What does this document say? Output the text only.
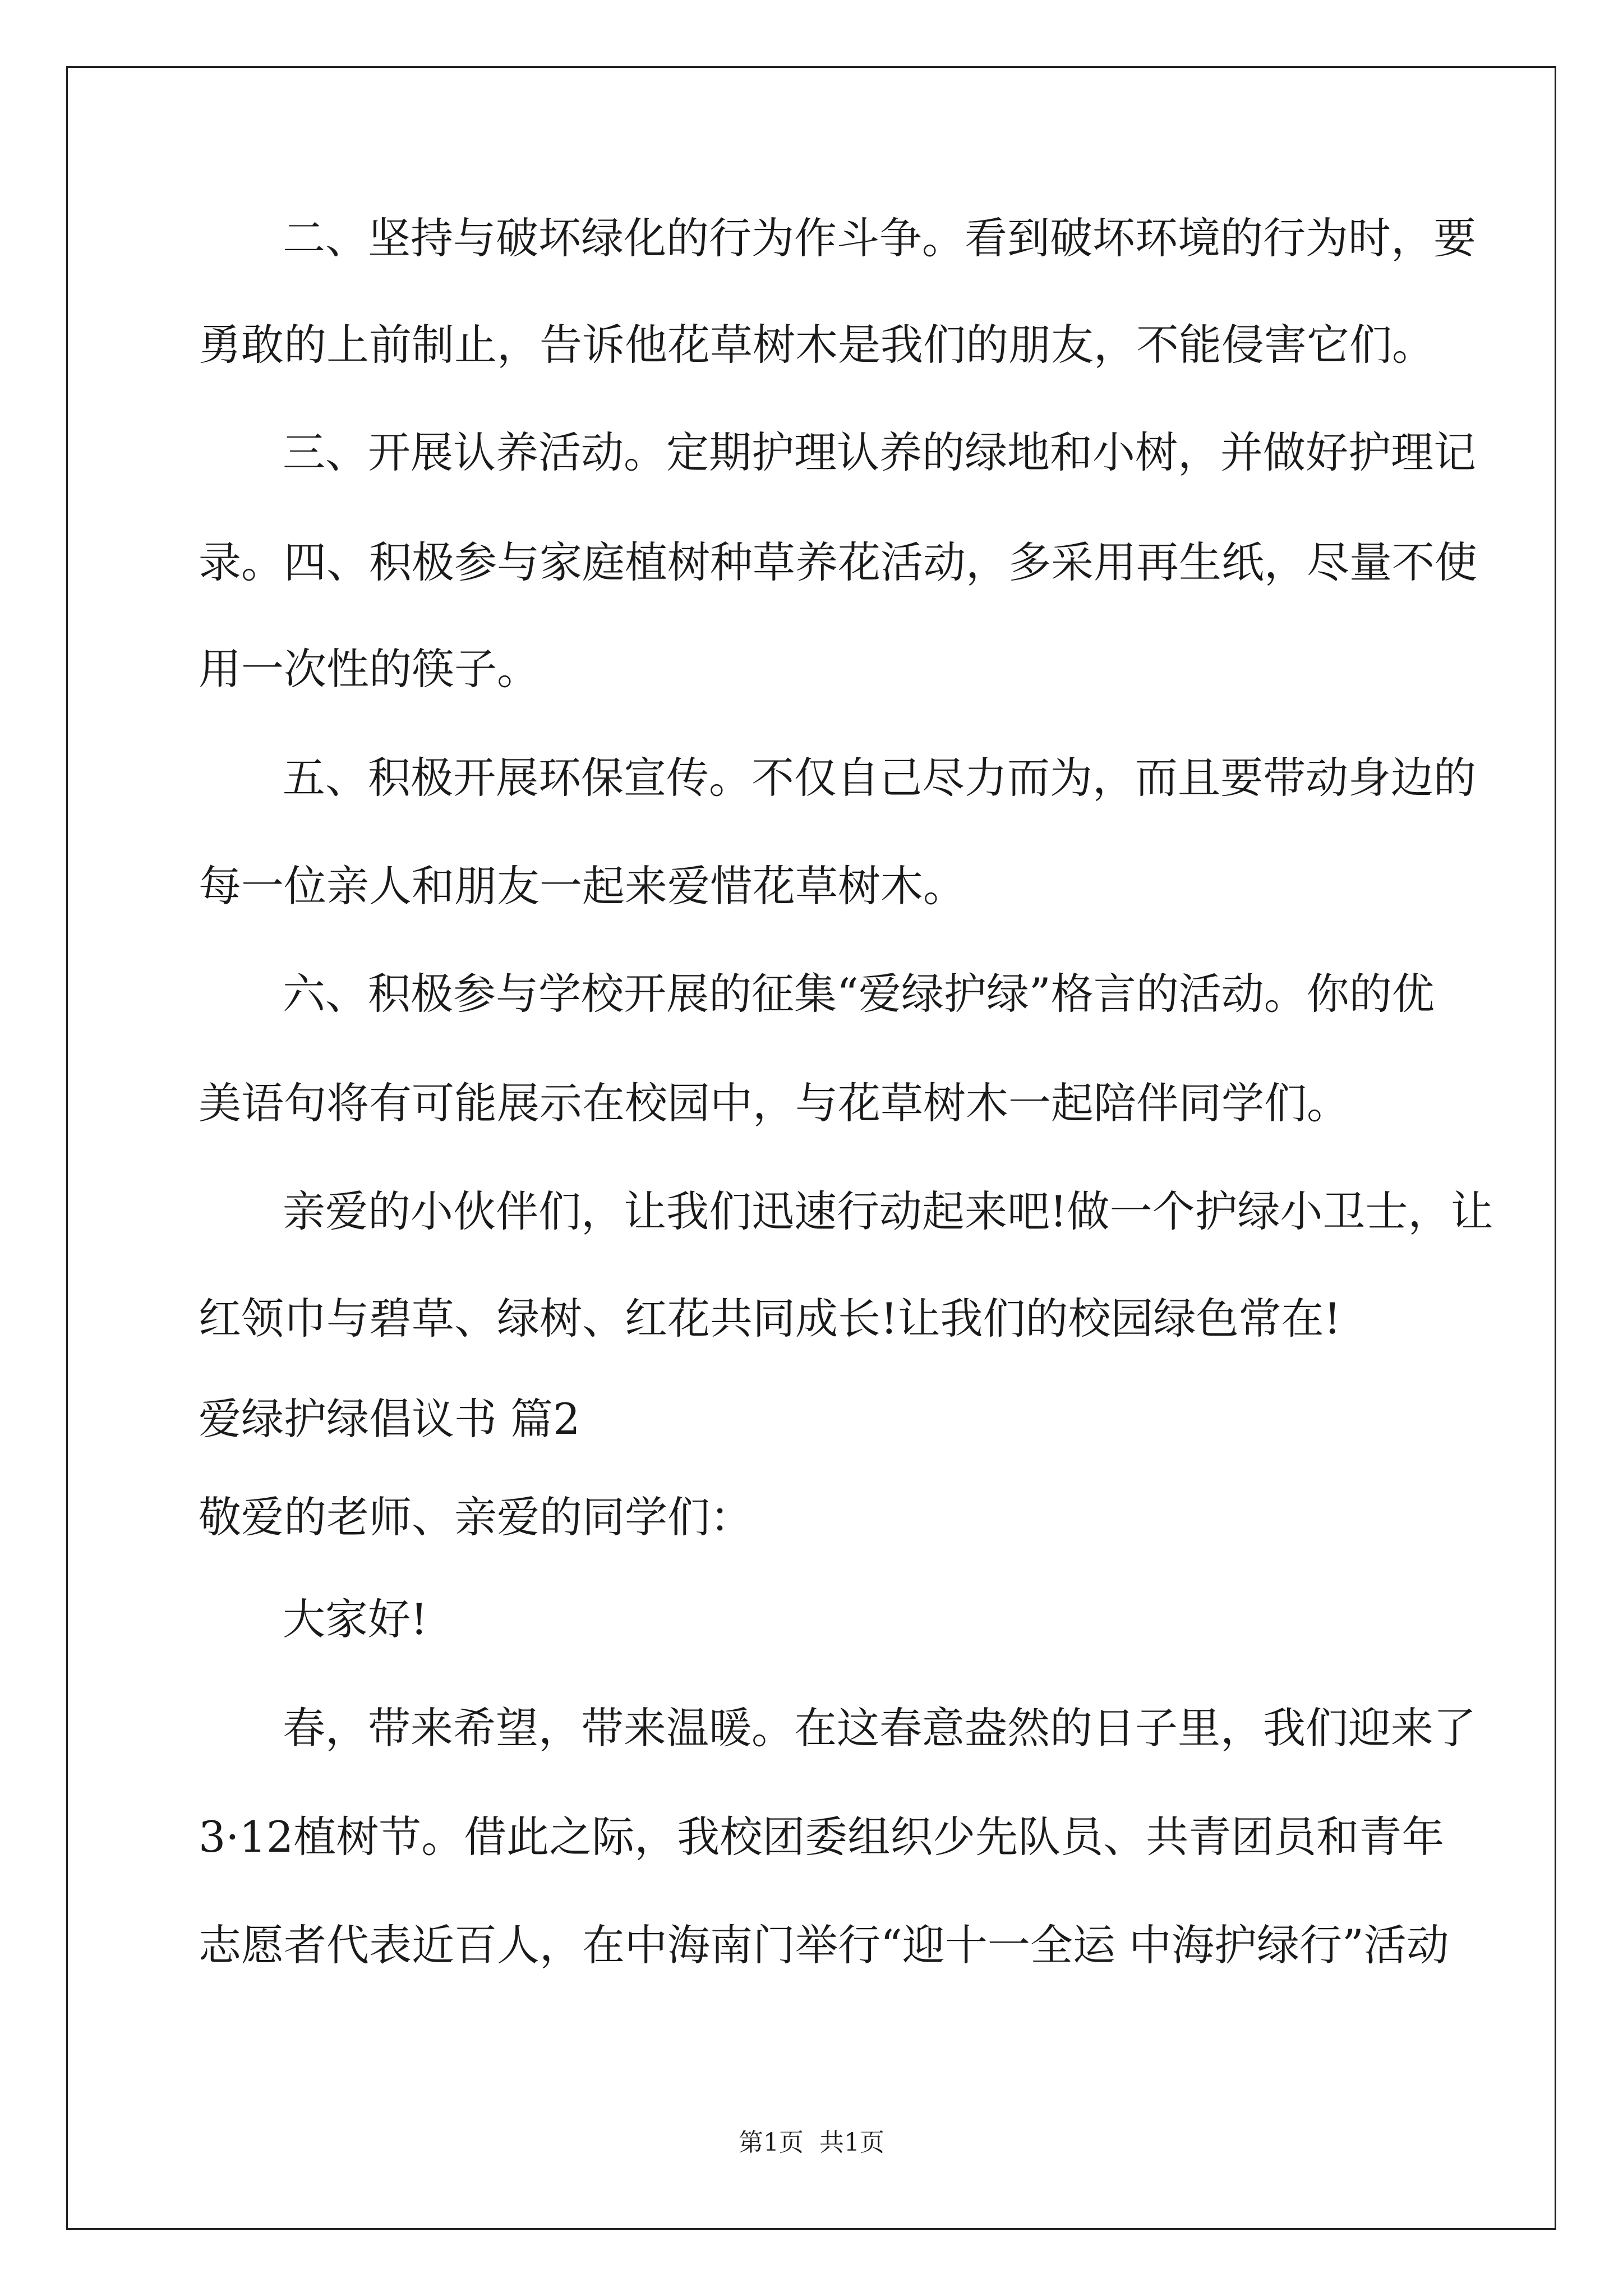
二、坚持与破坏绿化的行为作斗争。看到破坏环境的行为时，要
勇敢的上前制止，告诉他花草树木是我们的朋友，不能侵害它们。
三、开展认养活动。定期护理认养的绿地和小树，并做好护理记
录。四、积极参与家庭植树种草养花活动，多采用再生纸，尽量不使
用一次性的筷子。
五、积极开展环保宣传。不仅自己尽力而为，而且要带动身边的
每一位亲人和朋友一起来爱惜花草树木。
六、积极参与学校开展的征集“爱绿护绿”格言的活动。你的优
美语句将有可能展示在校园中，与花草树木一起陪伴同学们。
亲爱的小伙伴们，让我们迅速行动起来吧!做一个护绿小卫士，让
红领巾与碧草、绿树、红花共同成长!让我们的校园绿色常在!
爱绿护绿倡议书 篇2
敬爱的老师、亲爱的同学们：
大家好!
春，带来希望，带来温暖。在这春意盎然的日子里，我们迎来了
3·12植树节。借此之际，我校团委组织少先队员、共青团员和青年
志愿者代表近百人，在中海南门举行“迎十一全运 中海护绿行”活动
第1页  共1页
